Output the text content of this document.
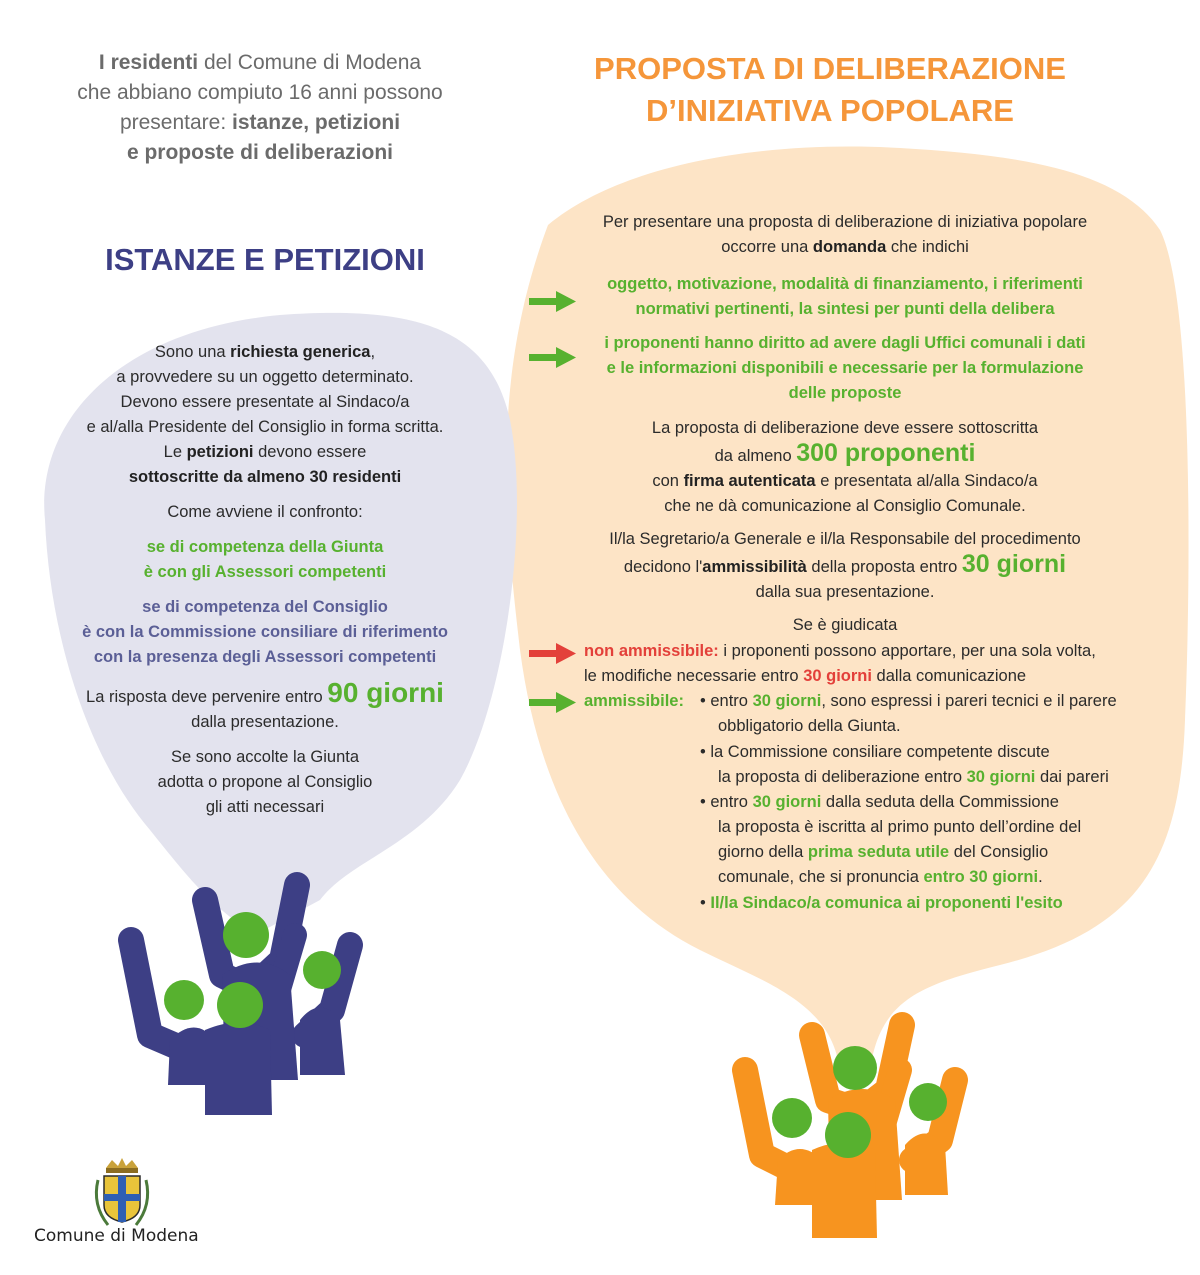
I residenti del Comune di Modena
che abbiano compiuto 16 anni possono
presentare: istanze, petizioni
e proposte di deliberazioni
PROPOSTA DI DELIBERAZIONE
D’INIZIATIVA POPOLARE
ISTANZE E PETIZIONI
Sono una richiesta generica,
a provvedere su un oggetto determinato.
Devono essere presentate al Sindaco/a
e al/alla Presidente del Consiglio in forma scritta.
Le petizioni devono essere
sottoscritte da almeno 30 residenti
Come avviene il confronto:
se di competenza della Giunta
è con gli Assessori competenti
se di competenza del Consiglio
è con la Commissione consiliare di riferimento
con la presenza degli Assessori competenti
La risposta deve pervenire entro 90 giorni
dalla presentazione.
Se sono accolte la Giunta
adotta o propone al Consiglio
gli atti necessari
Per presentare una proposta di deliberazione di iniziativa popolare
occorre una domanda che indichi
oggetto, motivazione, modalità di finanziamento, i riferimenti
normativi pertinenti, la sintesi per punti della delibera
i proponenti hanno diritto ad avere dagli Uffici comunali i dati
e le informazioni disponibili e necessarie per la formulazione
delle proposte
La proposta di deliberazione deve essere sottoscritta
da almeno 300 proponenti
con firma autenticata e presentata al/alla Sindaco/a
che ne dà comunicazione al Consiglio Comunale.
Il/la Segretario/a Generale e il/la Responsabile del procedimento
decidono l'ammissibilità della proposta entro 30 giorni
dalla sua presentazione.
Se è giudicata
non ammissibile: i proponenti possono apportare, per una sola volta,
le modifiche necessarie entro 30 giorni dalla comunicazione
ammissibile: • entro 30 giorni, sono espressi i pareri tecnici e il parere
obbligatorio della Giunta.
• la Commissione consiliare competente discute
la proposta di deliberazione entro 30 giorni dai pareri
• entro 30 giorni dalla seduta della Commissione
la proposta è iscritta al primo punto dell’ordine del
giorno della prima seduta utile del Consiglio
comunale, che si pronuncia entro 30 giorni.
• Il/la Sindaco/a comunica ai proponenti l'esito
Comune di Modena
